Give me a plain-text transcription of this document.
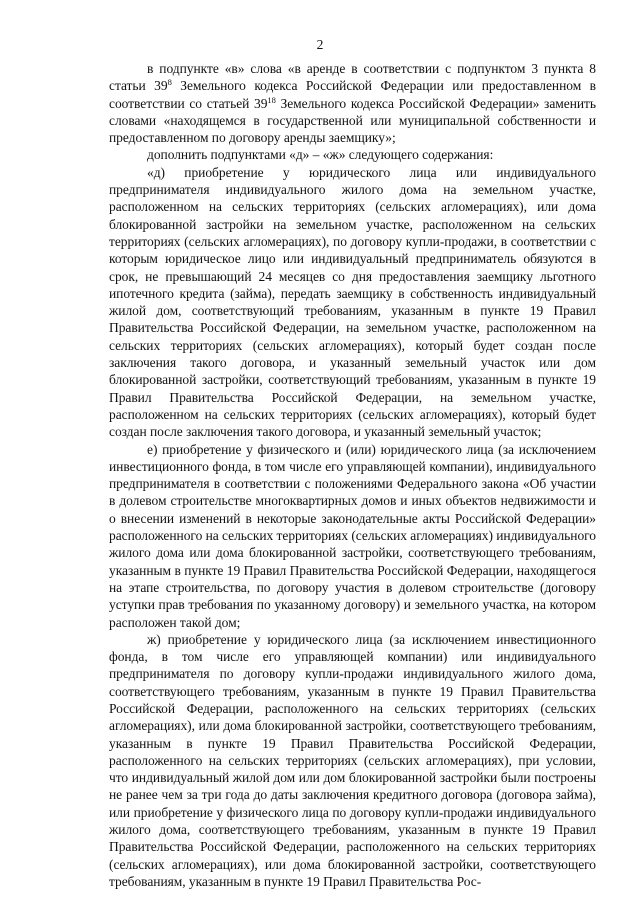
2

в подпункте «в» слова «в аренде в соответствии с подпунктом 3 пункта 8 статьи $39^8$ Земельного кодекса Российской Федерации или предоставленном в соответствии со статьей $39^{18}$ Земельного кодекса Российской Федерации» заменить словами «находящемся в государственной или муниципальной собственности и предоставленном по договору аренды заемщику»;

дополнить подпунктами «д» – «ж» следующего содержания:

«д) приобретение у юридического лица или индивидуального предпринимателя индивидуального жилого дома на земельном участке, расположенном на сельских территориях (сельских агломерациях), или дома блокированной застройки на земельном участке, расположенном на сельских территориях (сельских агломерациях), по договору купли-продажи, в соответствии с которым юридическое лицо или индивидуальный предприниматель обязуются в срок, не превышающий 24 месяцев со дня предоставления заемщику льготного ипотечного кредита (займа), передать заемщику в собственность индивидуальный жилой дом, соответствующий требованиям, указанным в пункте 19 Правил Правительства Российской Федерации, на земельном участке, расположенном на сельских территориях (сельских агломерациях), который будет создан после заключения такого договора, и указанный земельный участок или дом блокированной застройки, соответствующий требованиям, указанным в пункте 19 Правил Правительства Российской Федерации, на земельном участке, расположенном на сельских территориях (сельских агломерациях), который будет создан после заключения такого договора, и указанный земельный участок;

е) приобретение у физического и (или) юридического лица (за исключением инвестиционного фонда, в том числе его управляющей компании), индивидуального предпринимателя в соответствии с положениями Федерального закона «Об участии в долевом строительстве многоквартирных домов и иных объектов недвижимости и о внесении изменений в некоторые законодательные акты Российской Федерации» расположенного на сельских территориях (сельских агломерациях) индивидуального жилого дома или дома блокированной застройки, соответствующего требованиям, указанным в пункте 19 Правил Правительства Российской Федерации, находящегося на этапе строительства, по договору участия в долевом строительстве (договору уступки прав требования по указанному договору) и земельного участка, на котором расположен такой дом;

ж) приобретение у юридического лица (за исключением инвестиционного фонда, в том числе его управляющей компании) или индивидуального предпринимателя по договору купли-продажи индивидуального жилого дома, соответствующего требованиям, указанным в пункте 19 Правил Правительства Российской Федерации, расположенного на сельских территориях (сельских агломерациях), или дома блокированной застройки, соответствующего требованиям, указанным в пункте 19 Правил Правительства Российской Федерации, расположенного на сельских территориях (сельских агломерациях), при условии, что индивидуальный жилой дом или дом блокированной застройки были построены не ранее чем за три года до даты заключения кредитного договора (договора займа), или приобретение у физического лица по договору купли-продажи индивидуального жилого дома, соответствующего требованиям, указанным в пункте 19 Правил Правительства Российской Федерации, расположенного на сельских территориях (сельских агломерациях), или дома блокированной застройки, соответствующего требованиям, указанным в пункте 19 Правил Правительства Рос-
